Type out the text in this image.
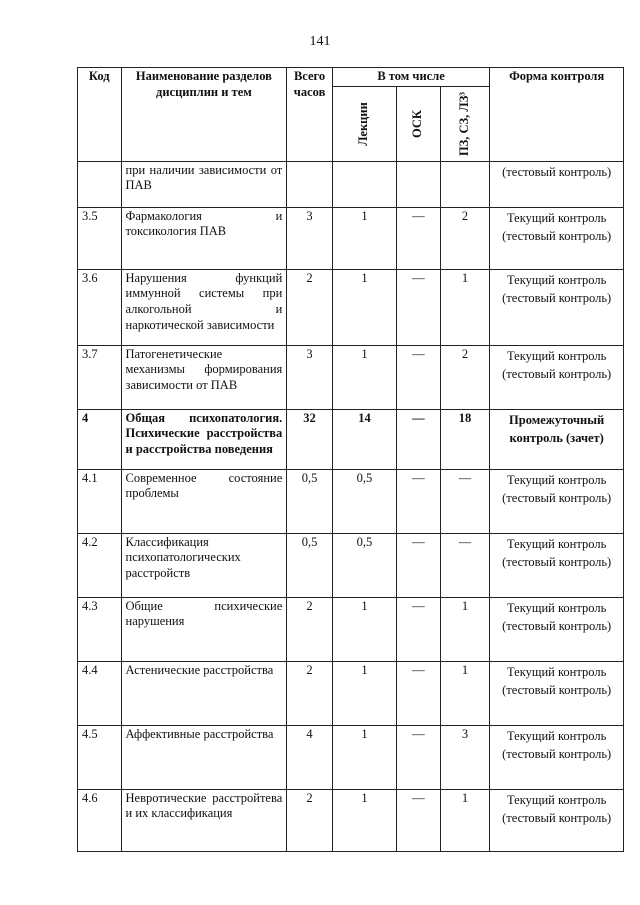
141
Код	Наименование разделов дисциплин и тем	Всего часов	В том числе			Форма контроля

			Лекции	ОСК	ПЗ, СЗ, ЛЗ³	

	при наличии зависимости от ПАВ					(тестовый контроль)
3.5	Фармакология и токсикология ПАВ	3	1	—	2	Текущий контроль (тестовый контроль)
3.6	Нарушения функций иммунной системы при алкогольной и наркотической зависимости	2	1	—	1	Текущий контроль (тестовый контроль)
3.7	Патогенетические механизмы формирования зависимости от ПАВ	3	1	—	2	Текущий контроль (тестовый контроль)
4	Общая психопатология. Психические расстройства и расстройства поведения	32	14	—	18	Промежуточный контроль (зачет)
4.1	Современное состояние проблемы	0,5	0,5	—	—	Текущий контроль (тестовый контроль)
4.2	Классификация психопатологических расстройств	0,5	0,5	—	—	Текущий контроль (тестовый контроль)
4.3	Общие психические нарушения	2	1	—	1	Текущий контроль (тестовый контроль)
4.4	Астенические расстройства	2	1	—	1	Текущий контроль (тестовый контроль)
4.5	Аффективные расстройства	4	1	—	3	Текущий контроль (тестовый контроль)
4.6	Невротические расстройтева и их классификация	2	1	—	1	Текущий контроль (тестовый контроль)
